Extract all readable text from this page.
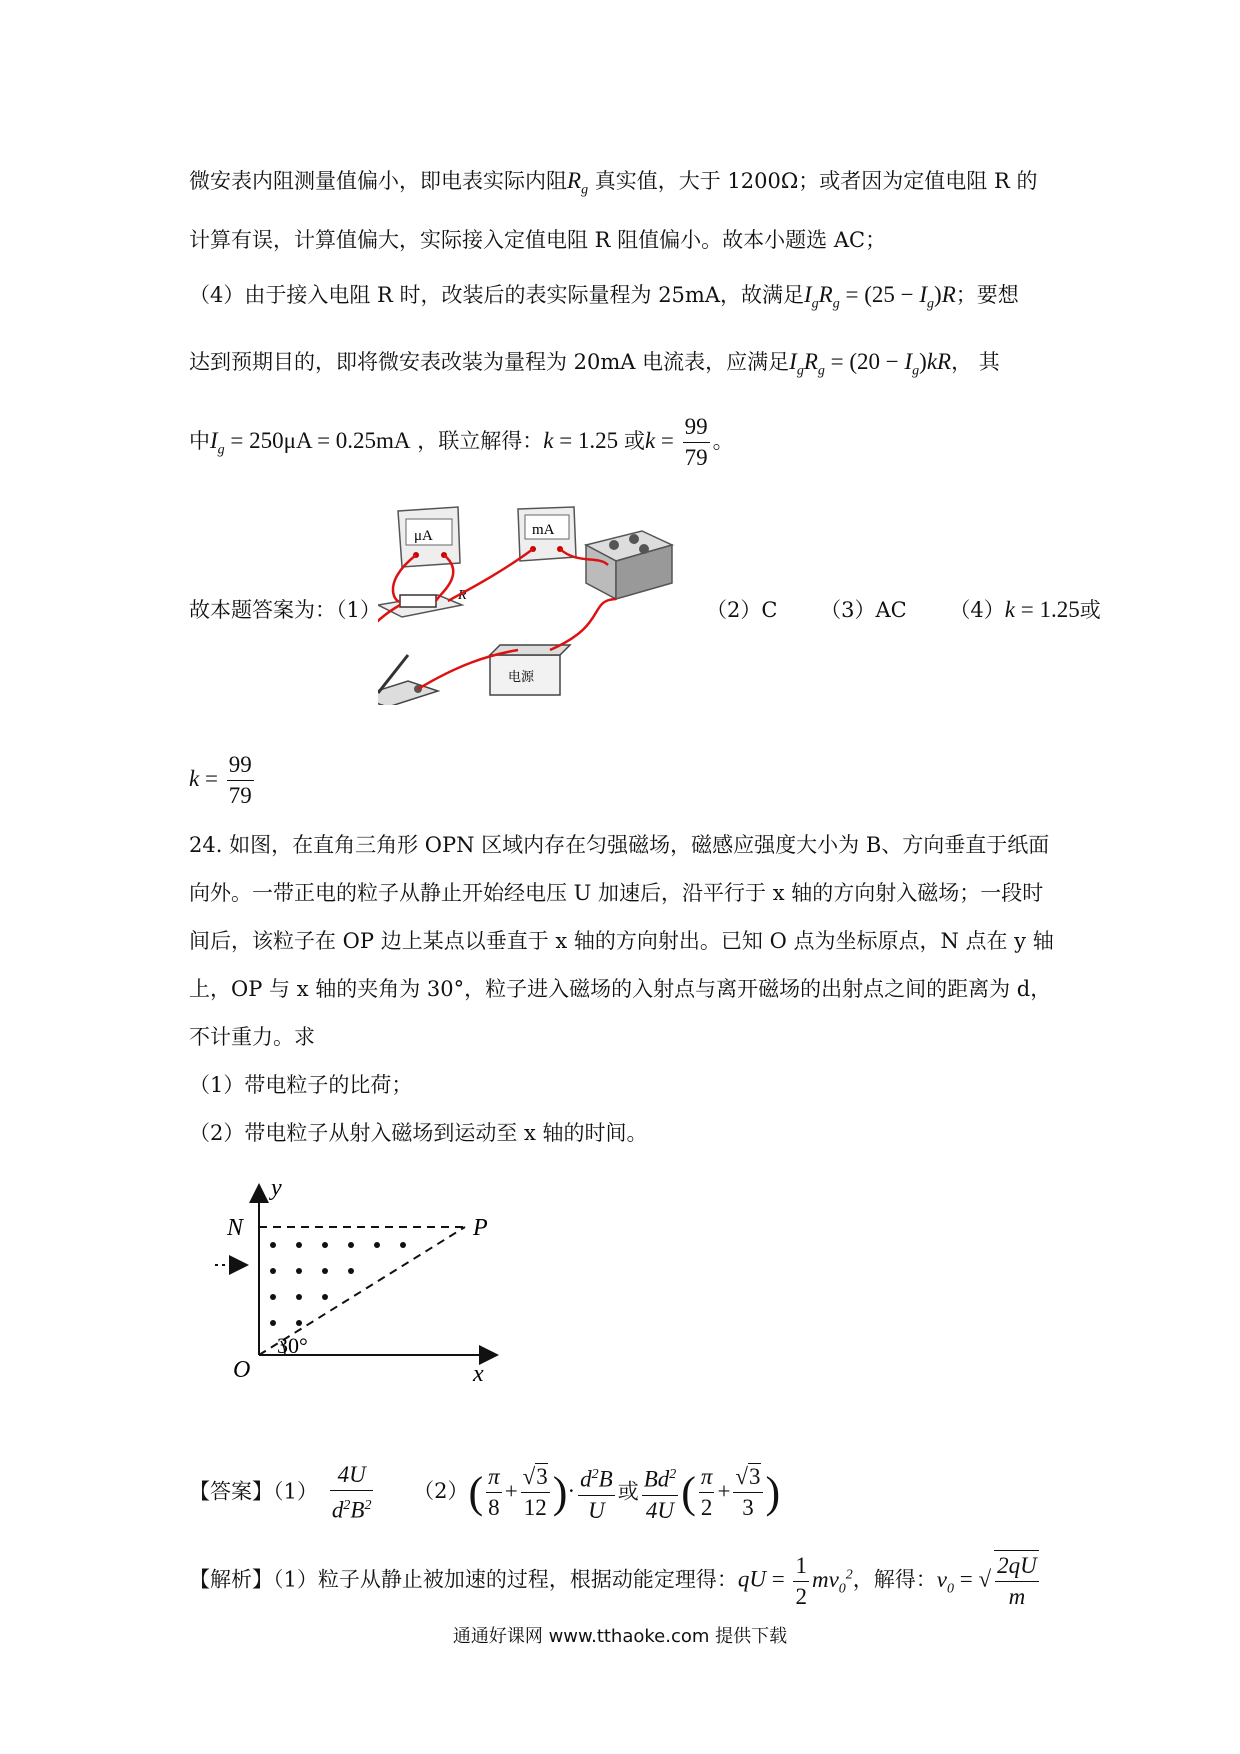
微安表内阻测量值偏小，即电表实际内阻$R_g$ 真实值，大于 1200Ω；或者因为定值电阻 R 的
计算有误，计算值偏大，实际接入定值电阻 R 阻值偏小。故本小题选 AC；
（4）由于接入电阻 R 时，改装后的表实际量程为 25mA，故满足$I_gR_g = (25 - I_g)R$；要想
达到预期目的，即将微安表改装为量程为 20mA 电流表，应满足$I_gR_g = (20 - I_g)kR$， 其
中$I_g = 250\mu A = 0.25mA$ ，联立解得：k = 1.25 或$k = \frac{99}{79}$ 。
故本题答案为：（1）
μA	mA
R
电源
（2）C （3）AC （4）k = 1.25或
$k = \frac{99}{79}$
24. 如图，在直角三角形 OPN 区域内存在匀强磁场，磁感应强度大小为 B、方向垂直于纸面
向外。一带正电的粒子从静止开始经电压 U 加速后，沿平行于 x 轴的方向射入磁场；一段时
间后，该粒子在 OP 边上某点以垂直于 x 轴的方向射出。已知 O 点为坐标原点，N 点在 y 轴
上，OP 与 x 轴的夹角为 30°，粒子进入磁场的入射点与离开磁场的出射点之间的距离为 d，
不计重力。求
（1）带电粒子的比荷；
（2）带电粒子从射入磁场到运动至 x 轴的时间。
y
x
O
N	P
30°
【答案】$(1) \frac{4U}{d^2B^2} (2)( \frac{\pi}{8} + \frac{√3}{12}$ )· $\frac{d^2B}{U}$ 或 $\frac{Bd^2}{4U}$ ( $\frac{\pi}{2} + \frac{√3}{3}$ )
【解析】（1）粒子从静止被加速的过程，根据动能定理得：qU = $\frac{1}{2} mv_0^2$，解得：$v_0$ = √ $\frac{2qU}{m}$
通通好课网 www.tthaoke.com 提供下载
